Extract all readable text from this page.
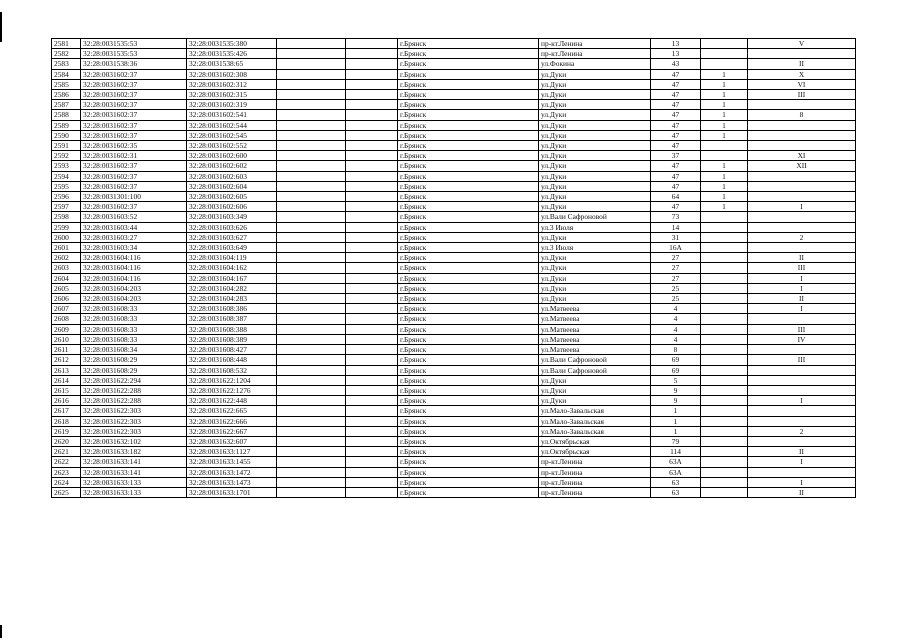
2581	32:28:0031535:53	32:28:0031535:380			г.Брянск	пр-кт.Ленина	13		V
2582	32:28:0031535:53	32:28:0031535:426			г.Брянск	пр-кт.Ленина	13		
2583	32:28:0031538:36	32:28:0031538:65			г.Брянск	ул.Фокина	43		II
2584	32:28:0031602:37	32:28:0031602:308			г.Брянск	ул.Дуки	47	1	X
2585	32:28:0031602:37	32:28:0031602:312			г.Брянск	ул.Дуки	47	1	VI
2586	32:28:0031602:37	32:28:0031602:315			г.Брянск	ул.Дуки	47	1	III
2587	32:28:0031602:37	32:28:0031602:319			г.Брянск	ул.Дуки	47	1	
2588	32:28:0031602:37	32:28:0031602:541			г.Брянск	ул.Дуки	47	1	8
2589	32:28:0031602:37	32:28:0031602:544			г.Брянск	ул.Дуки	47	1	
2590	32:28:0031602:37	32:28:0031602:545			г.Брянск	ул.Дуки	47	1	
2591	32:28:0031602:35	32:28:0031602:552			г.Брянск	ул.Дуки	47		
2592	32:28:0031602:31	32:28:0031602:600			г.Брянск	ул.Дуки	37		XI
2593	32:28:0031602:37	32:28:0031602:602			г.Брянск	ул.Дуки	47	1	XII
2594	32:28:0031602:37	32:28:0031602:603			г.Брянск	ул.Дуки	47	1	
2595	32:28:0031602:37	32:28:0031602:604			г.Брянск	ул.Дуки	47	1	
2596	32:28:0031301:100	32:28:0031602:605			г.Брянск	ул.Дуки	64	1	
2597	32:28:0031602:37	32:28:0031602:606			г.Брянск	ул.Дуки	47	1	I
2598	32:28:0031603:52	32:28:0031603:349			г.Брянск	ул.Вали Сафроновой	73		
2599	32:28:0031603:44	32:28:0031603:626			г.Брянск	ул.3 Июля	14		
2600	32:28:0031603:27	32:28:0031603:627			г.Брянск	ул.Дуки	31		2
2601	32:28:0031603:34	32:28:0031603:649			г.Брянск	ул.3 Июля	16А		
2602	32:28:0031604:116	32:28:0031604:119			г.Брянск	ул.Дуки	27		II
2603	32:28:0031604:116	32:28:0031604:162			г.Брянск	ул.Дуки	27		III
2604	32:28:0031604:116	32:28:0031604:167			г.Брянск	ул.Дуки	27		I
2605	32:28:0031604:203	32:28:0031604:282			г.Брянск	ул.Дуки	25		I
2606	32:28:0031604:203	32:28:0031604:283			г.Брянск	ул.Дуки	25		II
2607	32:28:0031608:33	32:28:0031608:386			г.Брянск	ул.Матвеева	4		I
2608	32:28:0031608:33	32:28:0031608:387			г.Брянск	ул.Матвеева	4		
2609	32:28:0031608:33	32:28:0031608:388			г.Брянск	ул.Матвеева	4		III
2610	32:28:0031608:33	32:28:0031608:389			г.Брянск	ул.Матвеева	4		IV
2611	32:28:0031608:34	32:28:0031608:427			г.Брянск	ул.Матвеева	8		
2612	32:28:0031608:29	32:28:0031608:448			г.Брянск	ул.Вали Сафроновой	69		III
2613	32:28:0031608:29	32:28:0031608:532			г.Брянск	ул.Вали Сафроновой	69		
2614	32:28:0031622:294	32:28:0031622:1204			г.Брянск	ул.Дуки	5		
2615	32:28:0031622:288	32:28:0031622:1276			г.Брянск	ул.Дуки	9		
2616	32:28:0031622:288	32:28:0031622:448			г.Брянск	ул.Дуки	9		I
2617	32:28:0031622:303	32:28:0031622:665			г.Брянск	ул.Мало-Завальская	1		
2618	32:28:0031622:303	32:28:0031622:666			г.Брянск	ул.Мало-Завальская	1		
2619	32:28:0031622:303	32:28:0031622:667			г.Брянск	ул.Мало-Завальская	1		2
2620	32:28:0031632:102	32:28:0031632:607			г.Брянск	ул.Октябрьская	79		
2621	32:28:0031633:182	32:28:0031633:1127			г.Брянск	ул.Октябрьская	114		II
2622	32:28:0031633:141	32:28:0031633:1455			г.Брянск	пр-кт.Ленина	63А		I
2623	32:28:0031633:141	32:28:0031633:1472			г.Брянск	пр-кт.Ленина	63А		
2624	32:28:0031633:133	32:28:0031633:1473			г.Брянск	пр-кт.Ленина	63		I
2625	32:28:0031633:133	32:28:0031633:1701			г.Брянск	пр-кт.Ленина	63		II
